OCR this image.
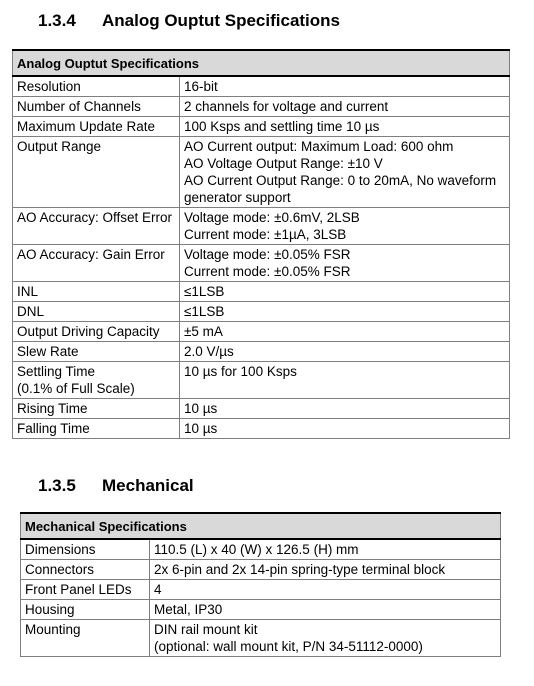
1.3.4 Analog Ouptut Specifications
Analog Ouptut Specifications	

Resolution	16-bit

Number of Channels	2 channels for voltage and current

Maximum Update Rate	100 Ksps and settling time 10 µs

Output Range	AO Current output: Maximum Load: 600 ohm
AO Voltage Output Range: ±10 V
AO Current Output Range: 0 to 20mA, No waveform
generator support

AO Accuracy: Offset Error	Voltage mode: ±0.6mV, 2LSB
Current mode: ±1µA, 3LSB

AO Accuracy: Gain Error	Voltage mode: ±0.05% FSR
Current mode: ±0.05% FSR

INL	≤1LSB

DNL	≤1LSB

Output Driving Capacity	±5 mA

Slew Rate	2.0 V/µs

Settling Time
(0.1% of Full Scale)	10 µs for 100 Ksps

Rising Time	10 µs

Falling Time	10 µs
1.3.5 Mechanical
Mechanical Specifications	

Dimensions	110.5 (L) x 40 (W) x 126.5 (H) mm

Connectors	2x 6-pin and 2x 14-pin spring-type terminal block

Front Panel LEDs	4

Housing	Metal, IP30

Mounting	DIN rail mount kit
(optional: wall mount kit, P/N 34-51112-0000)
